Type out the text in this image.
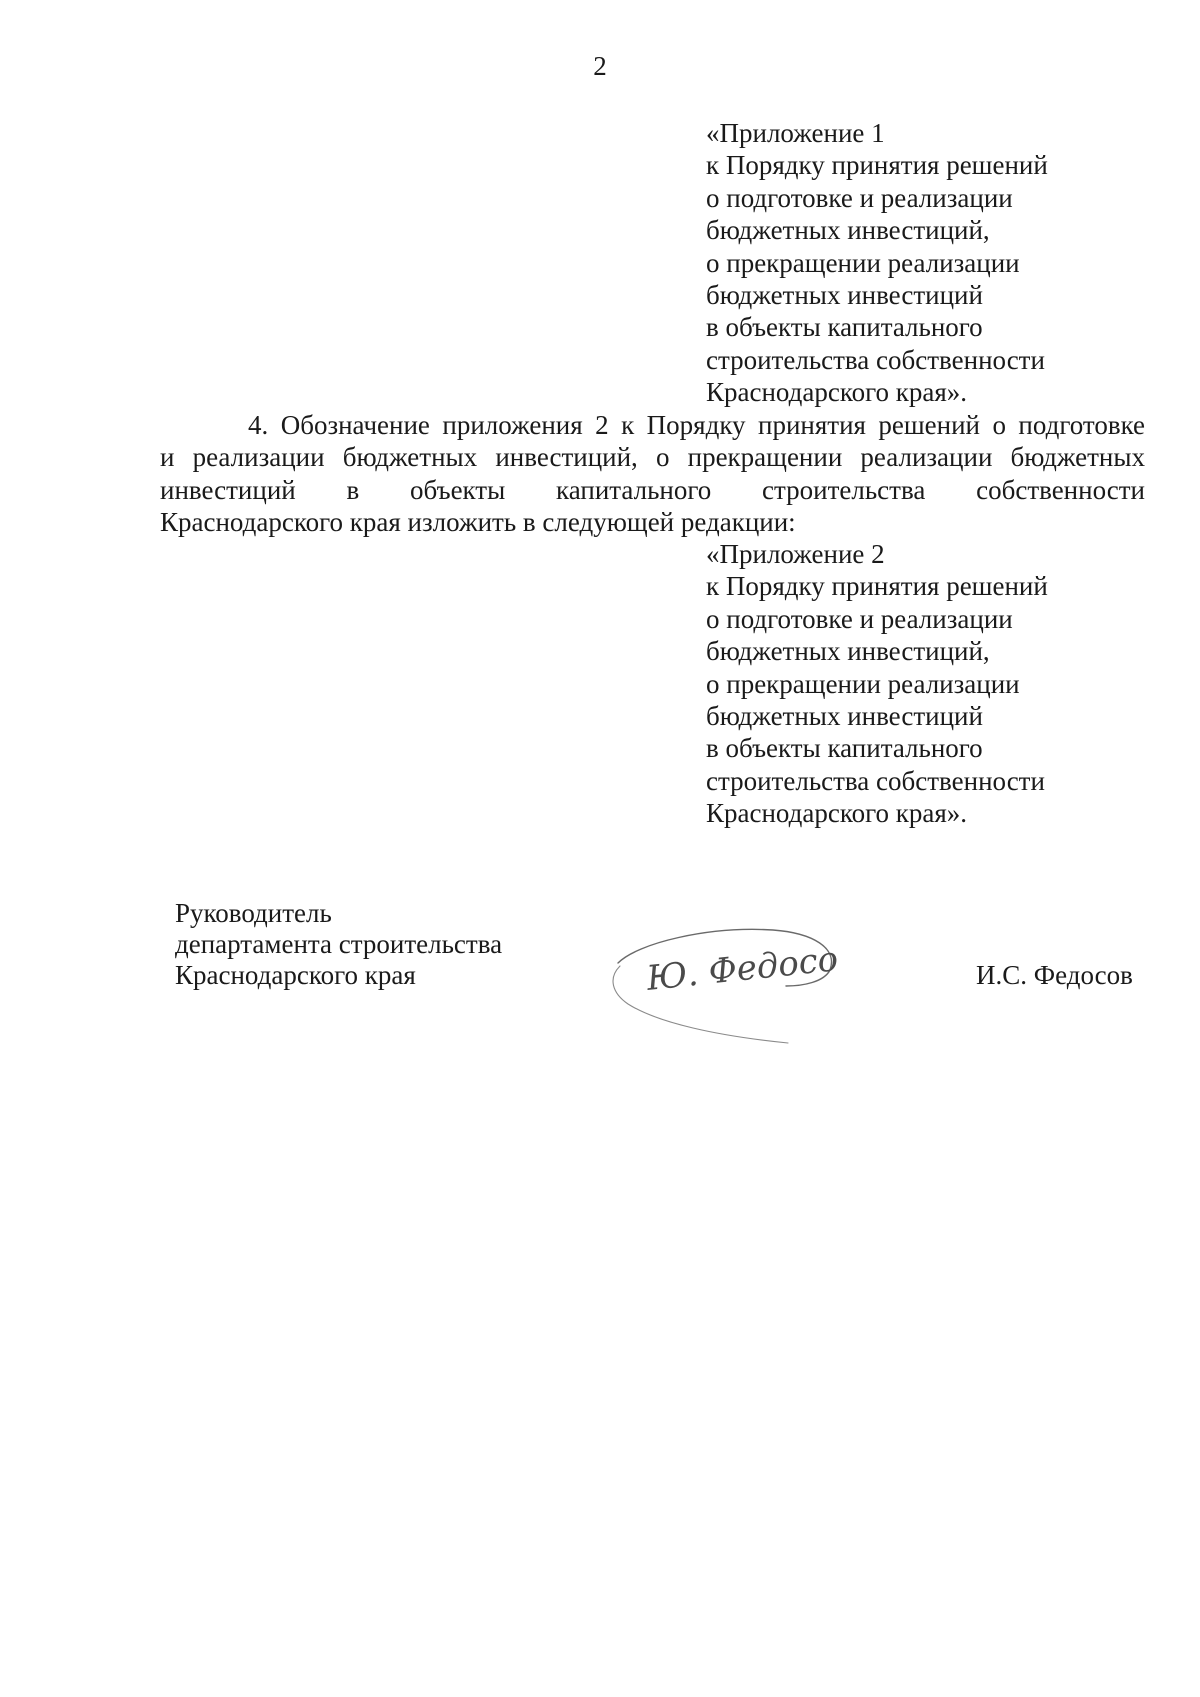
2
«Приложение 1
к Порядку принятия решений
о подготовке и реализации
бюджетных инвестиций,
о прекращении реализации
бюджетных инвестиций
в объекты капитального
строительства собственности
Краснодарского края».
4. Обозначение приложения 2 к Порядку принятия решений о подготовке
и реализации бюджетных инвестиций, о прекращении реализации бюджетных
инвестиций в объекты капитального строительства собственности
Краснодарского края изложить в следующей редакции:
«Приложение 2
к Порядку принятия решений
о подготовке и реализации
бюджетных инвестиций,
о прекращении реализации
бюджетных инвестиций
в объекты капитального
строительства собственности
Краснодарского края».
Руководитель
департамента строительства
Краснодарского края	Ю. Федосо	И.С. Федосов
